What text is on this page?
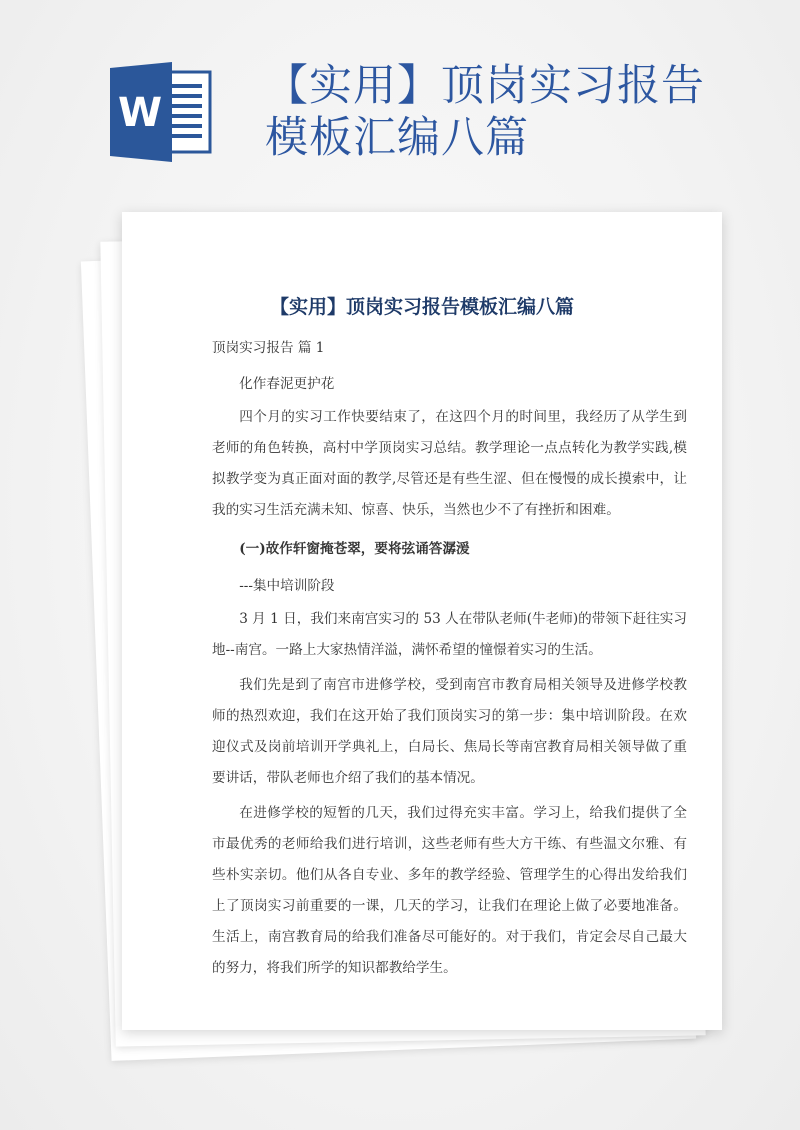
W
【实用】顶岗实习报告
模板汇编八篇
【实用】顶岗实习报告模板汇编八篇

顶岗实习报告 篇 1

化作春泥更护花

四个月的实习工作快要结束了，在这四个月的时间里，我经历了从学生到老师的角色转换，高村中学顶岗实习总结。教学理论一点点转化为教学实践,模拟教学变为真正面对面的教学,尽管还是有些生涩、但在慢慢的成长摸索中，让我的实习生活充满未知、惊喜、快乐，当然也少不了有挫折和困难。

(一)故作轩窗掩苍翠，要将弦诵答潺湲

---集中培训阶段

3 月 1 日，我们来南宫实习的 53 人在带队老师(牛老师)的带领下赶往实习地--南宫。一路上大家热情洋溢，满怀希望的憧憬着实习的生活。

我们先是到了南宫市进修学校，受到南宫市教育局相关领导及进修学校教师的热烈欢迎，我们在这开始了我们顶岗实习的第一步：集中培训阶段。在欢迎仪式及岗前培训开学典礼上，白局长、焦局长等南宫教育局相关领导做了重要讲话，带队老师也介绍了我们的基本情况。

在进修学校的短暂的几天，我们过得充实丰富。学习上，给我们提供了全市最优秀的老师给我们进行培训，这些老师有些大方干练、有些温文尔雅、有些朴实亲切。他们从各自专业、多年的教学经验、管理学生的心得出发给我们上了顶岗实习前重要的一课，几天的学习，让我们在理论上做了必要地准备。生活上，南宫教育局的给我们准备尽可能好的。对于我们，肯定会尽自己最大的努力，将我们所学的知识都教给学生。
